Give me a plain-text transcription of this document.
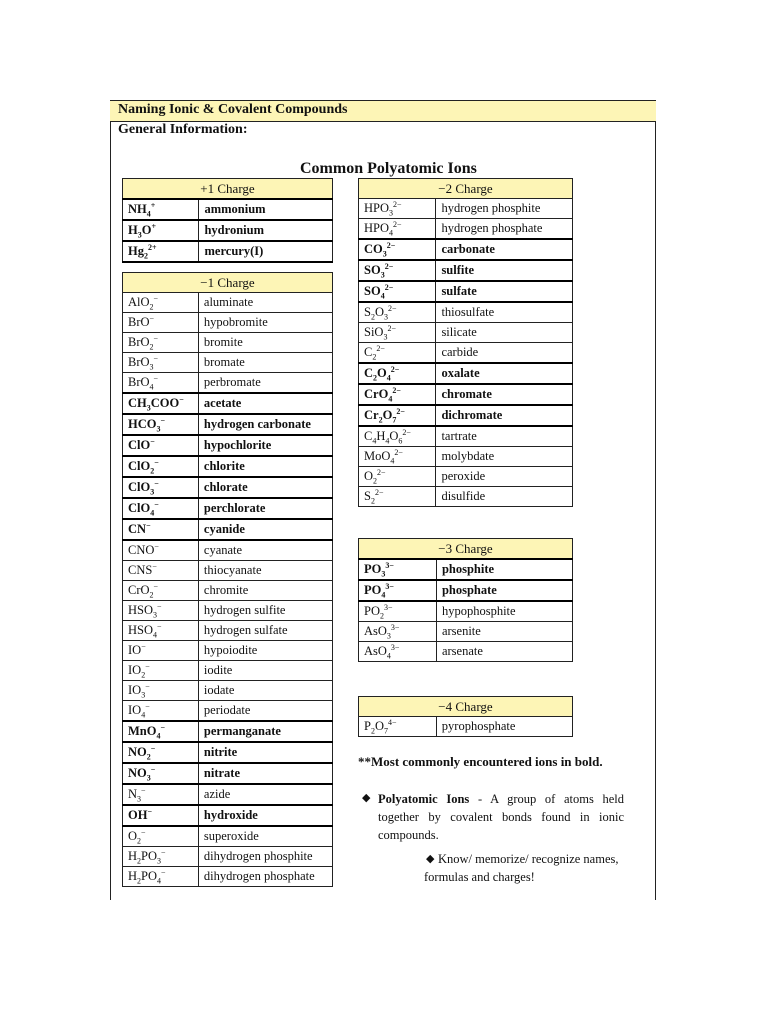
Naming Ionic & Covalent Compounds
General Information:
Common Polyatomic Ions
+1 Charge	
$NH_4^+$	ammonium
$H_3O^+$	hydronium
$Hg_2^{2+}$	mercury(I)
−1 Charge	
AlO$_2$−	aluminate
BrO−	hypobromite
BrO$_2$−	bromite
BrO$_3$−	bromate
BrO$_4$−	perbromate
$CH_3COO^-$	acetate
$HCO_3^-$	hydrogen carbonate
ClO−	hypochlorite
ClO$_2$−	chlorite
ClO$_3$−	chlorate
ClO$_4$−	perchlorate
CN−	cyanide
CNO−	cyanate
CNS−	thiocyanate
CrO$_2$−	chromite
$HSO_3^-$	hydrogen sulfite
$HSO_4^-$	hydrogen sulfate
IO−	hypoiodite
$IO_2^-$	iodite
$IO_3^-$	iodate
$IO_4^-$	periodate
MnO$_4$−	permanganate
$NO_2^-$	nitrite
$NO_3^-$	nitrate
$N_3^-$	azide
OH−	hydroxide
$O_2^-$	superoxide
$H_2PO_3^-$	dihydrogen phosphite
$H_2PO_4^-$	dihydrogen phosphate
−2 Charge	
$HPO_3^{2-}$	hydrogen phosphite
$HPO_4^{2-}$	hydrogen phosphate
$CO_3^{2-}$	carbonate
$SO_3^{2-}$	sulfite
$SO_4^{2-}$	sulfate
$S_2O_3^{2-}$	thiosulfate
SiO$_3^{2-}$	silicate
$C_2^{2-}$	carbide
$C_2O_4^{2-}$	oxalate
CrO$_4^{2-}$	chromate
$Cr_2O_7^{2-}$	dichromate
$C_4H_4O_6^{2-}$	tartrate
MoO$_4^{2-}$	molybdate
$O_2^{2-}$	peroxide
$S_2^{2-}$	disulfide
−3 Charge	
$PO_3^{3-}$	phosphite
$PO_4^{3-}$	phosphate
$PO_2^{3-}$	hypophosphite
AsO$_3^{3-}$	arsenite
AsO$_4^{3-}$	arsenate
−4 Charge
$P_2O_7^{4-}$	pyrophosphate
**Most commonly encountered ions in bold.
◆ Polyatomic Ions - A group of atoms held together by covalent bonds found in ionic compounds.
◆ Know/ memorize/ recognize names, formulas and charges!
